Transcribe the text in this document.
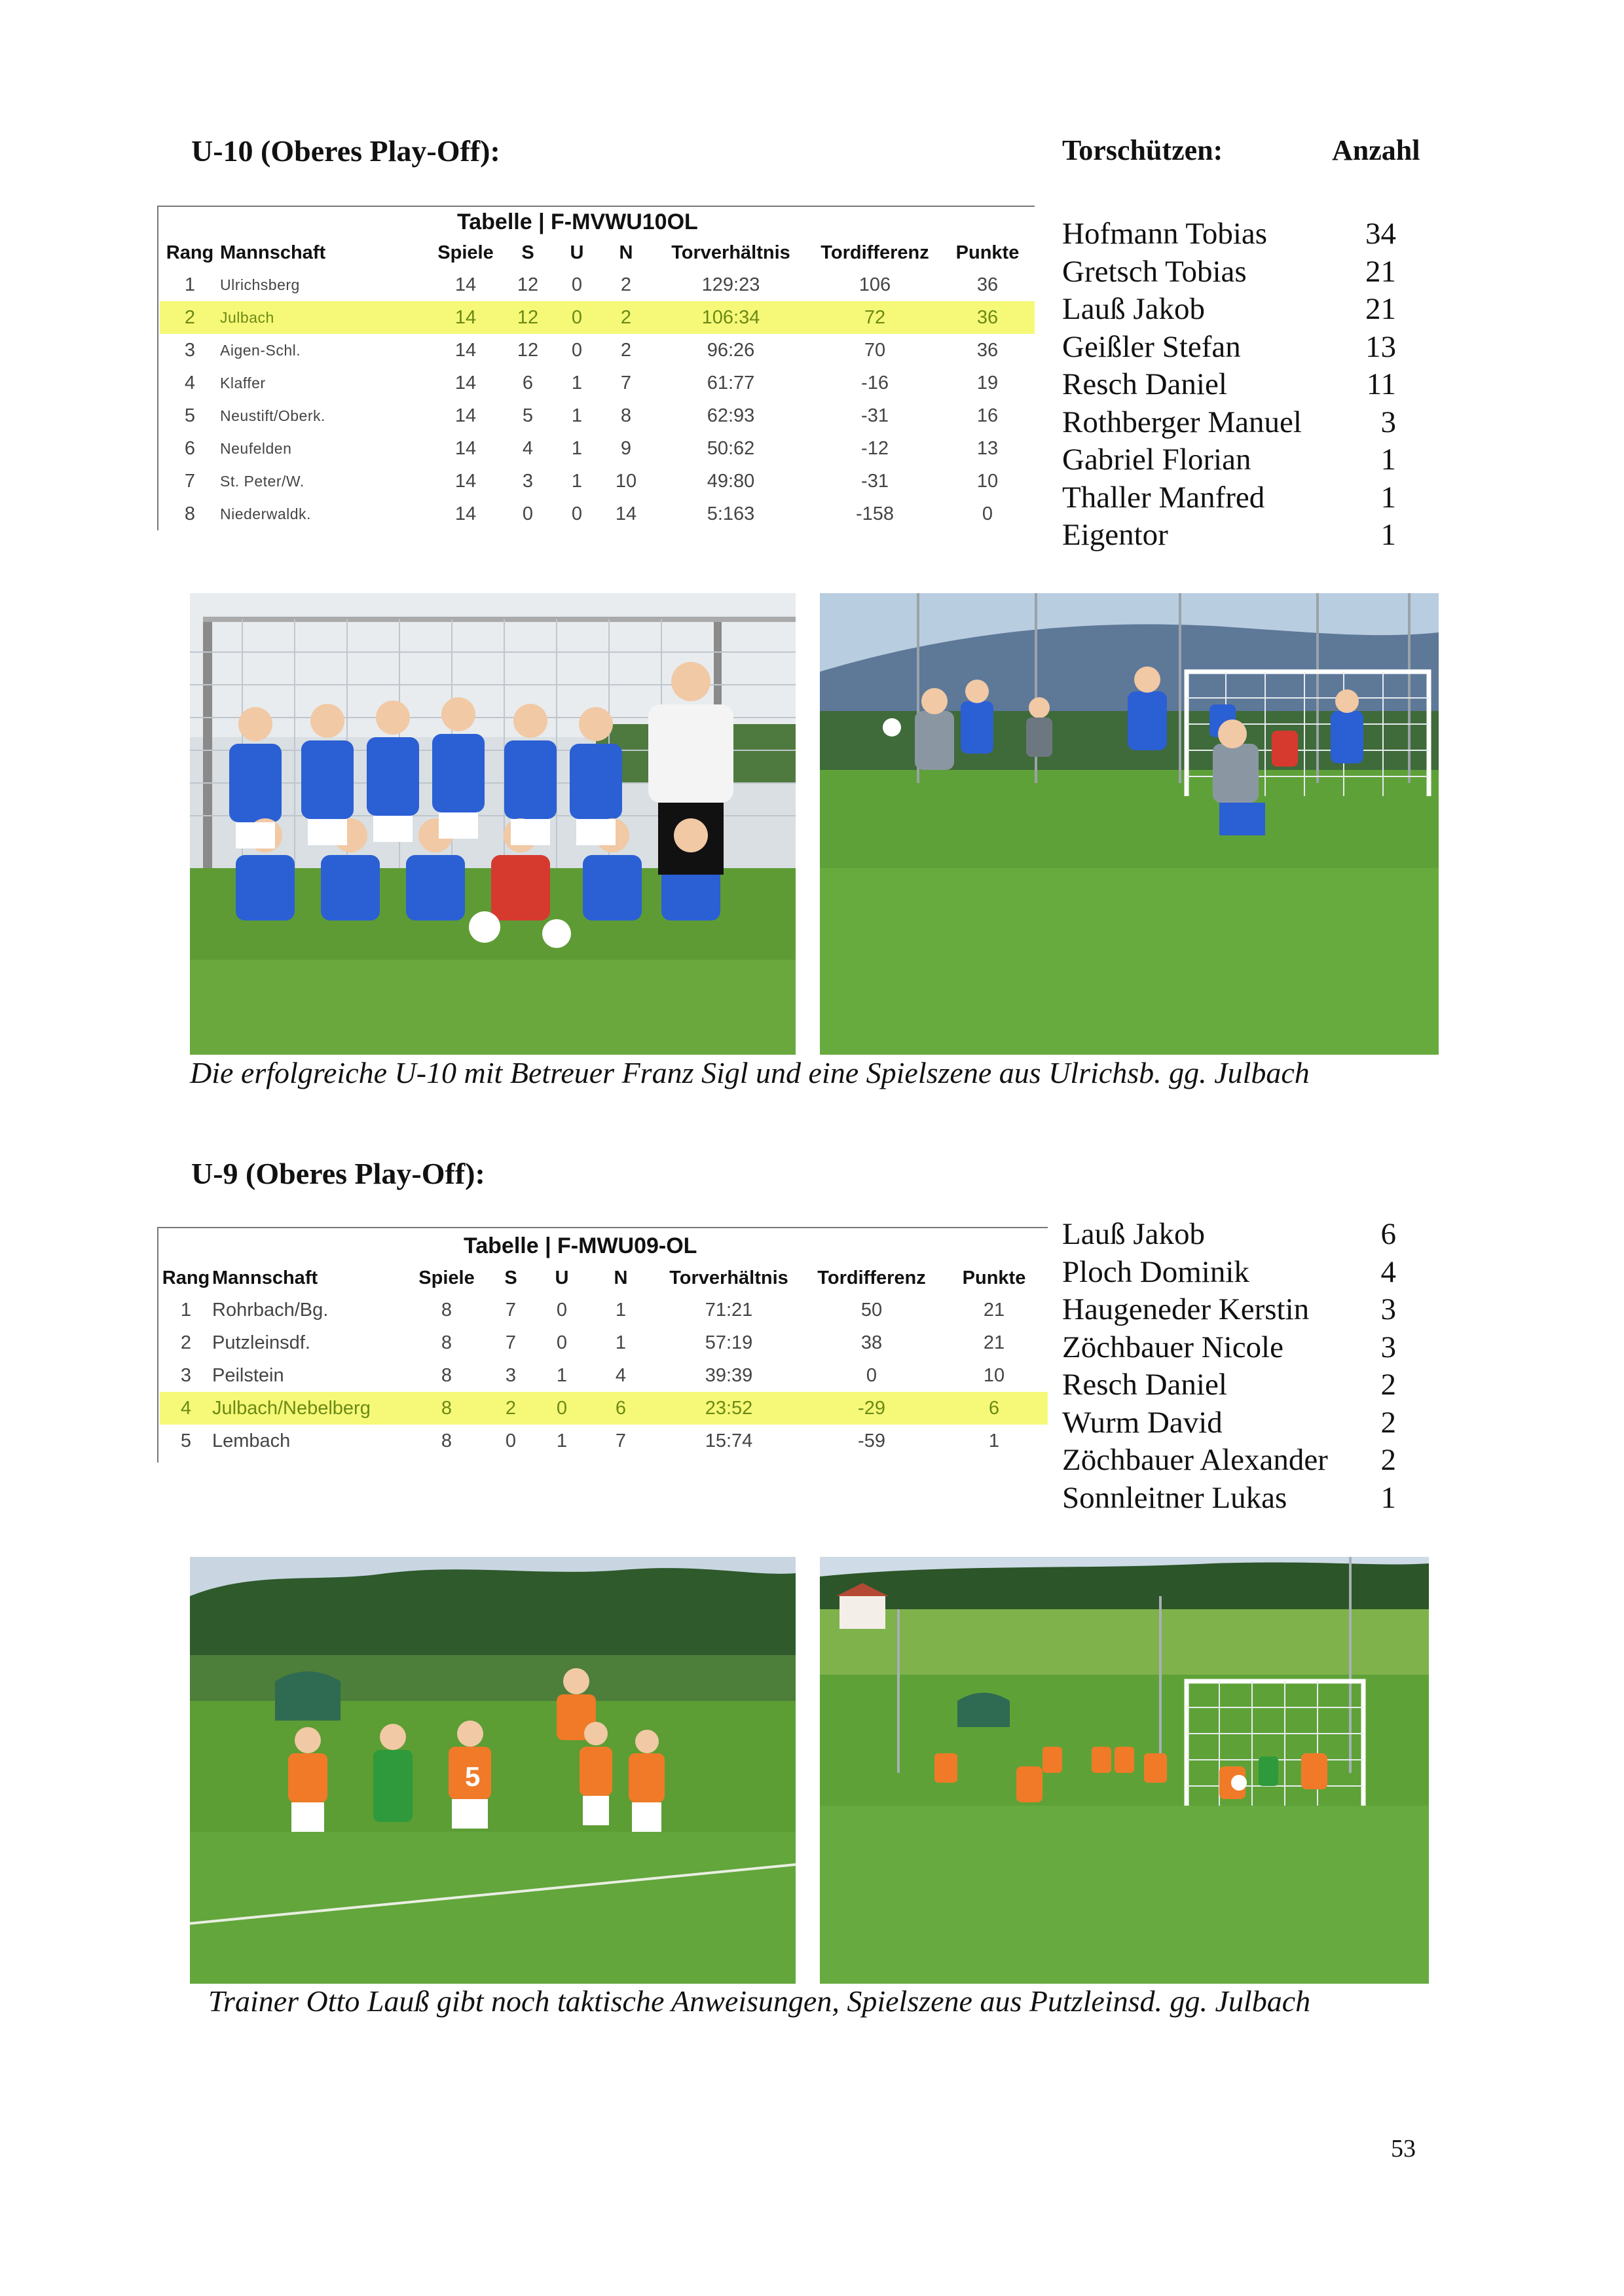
U-10 (Oberes Play-Off):	Torschützen:	Anzahl
Tabelle | F-MVWU10OL
Rang	Mannschaft	Spiele	S	U	N	Torverhältnis	Tordifferenz	Punkte
1	Ulrichsberg	14	12	0	2	129:23	106	36
2	Julbach	14	12	0	2	106:34	72	36
3	Aigen-Schl.	14	12	0	2	96:26	70	36
4	Klaffer	14	6	1	7	61:77	-16	19
5	Neustift/Oberk.	14	5	1	8	62:93	-31	16
6	Neufelden	14	4	1	9	50:62	-12	13
7	St. Peter/W.	14	3	1	10	49:80	-31	10
8	Niederwaldk.	14	0	0	14	5:163	-158	0
Hofmann Tobias	34
Gretsch Tobias	21
Lauß Jakob	21
Geißler Stefan	13
Resch Daniel	11
Rothberger Manuel	3
Gabriel Florian	1
Thaller Manfred	1
Eigentor	1
Die erfolgreiche U-10 mit Betreuer Franz Sigl und eine Spielszene aus Ulrichsb. gg. Julbach
U-9 (Oberes Play-Off):
Tabelle | F-MWU09-OL
Rang	Mannschaft	Spiele	S	U	N	Torverhältnis	Tordifferenz	Punkte
1	Rohrbach/Bg.	8	7	0	1	71:21	50	21
2	Putzleinsdf.	8	7	0	1	57:19	38	21
3	Peilstein	8	3	1	4	39:39	0	10
4	Julbach/Nebelberg	8	2	0	6	23:52	-29	6
5	Lembach	8	0	1	7	15:74	-59	1
Lauß Jakob	6
Ploch Dominik	4
Haugeneder Kerstin	3
Zöchbauer Nicole	3
Resch Daniel	2
Wurm David	2
Zöchbauer Alexander	2
Sonnleitner Lukas	1
5
Trainer Otto Lauß gibt noch taktische Anweisungen, Spielszene aus Putzleinsd. gg. Julbach
53
